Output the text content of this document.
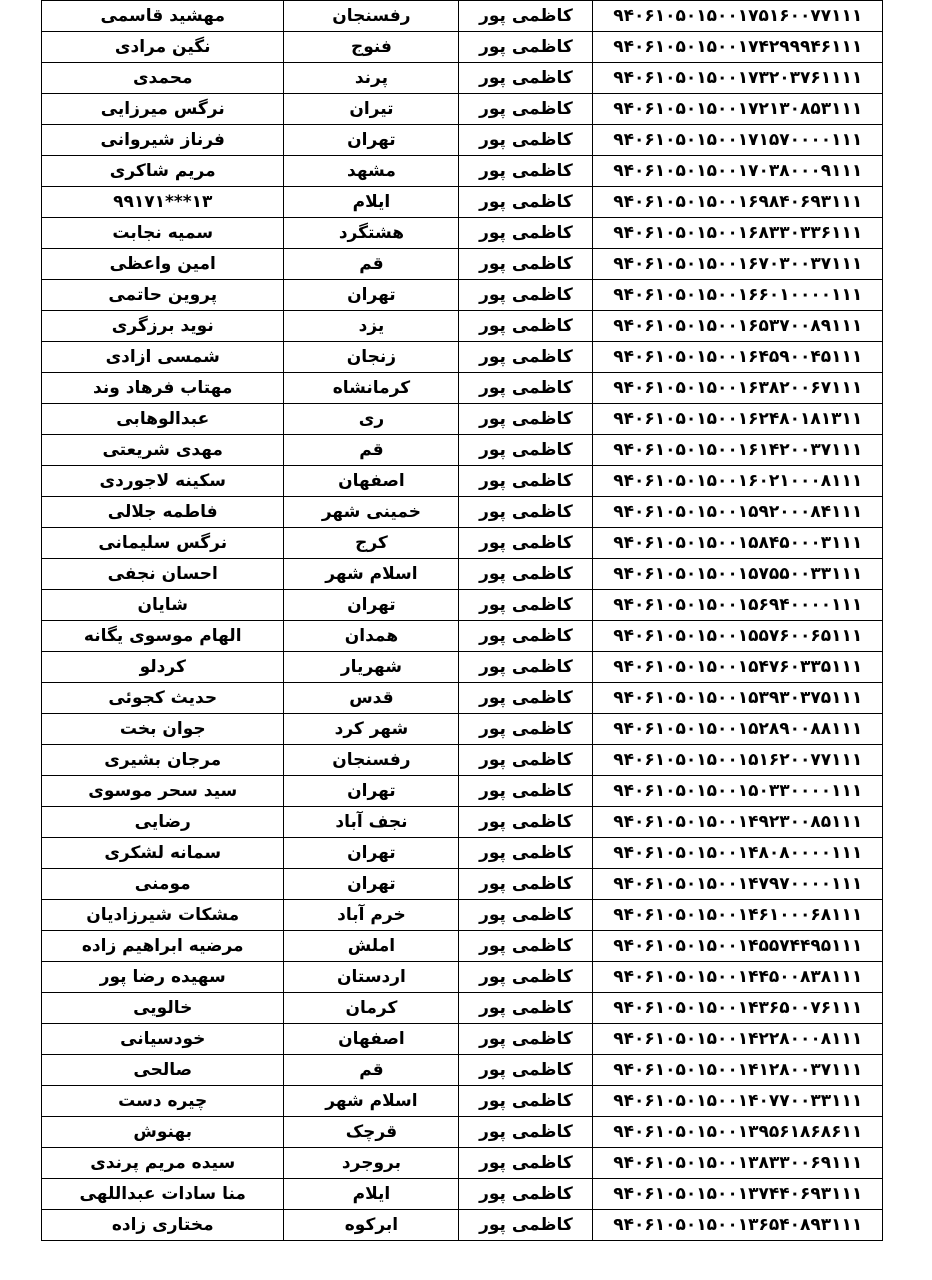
مهشید قاسمی	رفسنجان	کاظمی پور	۹۴۰۶۱۰۵۰۱۵۰۰۱۷۵۱۶۰۰۷۷۱۱۱
نگین مرادی	فنوج	کاظمی پور	۹۴۰۶۱۰۵۰۱۵۰۰۱۷۴۲۹۹۹۴۶۱۱۱
محمدی	پرند	کاظمی پور	۹۴۰۶۱۰۵۰۱۵۰۰۱۷۳۲۰۳۷۶۱۱۱۱
نرگس میرزایی	تیران	کاظمی پور	۹۴۰۶۱۰۵۰۱۵۰۰۱۷۲۱۳۰۸۵۳۱۱۱
فرناز شیروانی	تهران	کاظمی پور	۹۴۰۶۱۰۵۰۱۵۰۰۱۷۱۵۷۰۰۰۰۱۱۱
مریم شاکری	مشهد	کاظمی پور	۹۴۰۶۱۰۵۰۱۵۰۰۱۷۰۳۸۰۰۰۹۱۱۱
۱۳***۹۹۱۷۱	ایلام	کاظمی پور	۹۴۰۶۱۰۵۰۱۵۰۰۱۶۹۸۴۰۶۹۳۱۱۱
سمیه نجابت	هشتگرد	کاظمی پور	۹۴۰۶۱۰۵۰۱۵۰۰۱۶۸۳۳۰۳۳۶۱۱۱
امین واعظی	قم	کاظمی پور	۹۴۰۶۱۰۵۰۱۵۰۰۱۶۷۰۳۰۰۳۷۱۱۱
پروین حاتمی	تهران	کاظمی پور	۹۴۰۶۱۰۵۰۱۵۰۰۱۶۶۰۱۰۰۰۰۱۱۱
نوید برزگری	یزد	کاظمی پور	۹۴۰۶۱۰۵۰۱۵۰۰۱۶۵۳۷۰۰۸۹۱۱۱
شمسی ازادی	زنجان	کاظمی پور	۹۴۰۶۱۰۵۰۱۵۰۰۱۶۴۵۹۰۰۴۵۱۱۱
مهتاب فرهاد وند	کرمانشاه	کاظمی پور	۹۴۰۶۱۰۵۰۱۵۰۰۱۶۳۸۲۰۰۶۷۱۱۱
عبدالوهابی	ری	کاظمی پور	۹۴۰۶۱۰۵۰۱۵۰۰۱۶۲۴۸۰۱۸۱۳۱۱
مهدی شریعتی	قم	کاظمی پور	۹۴۰۶۱۰۵۰۱۵۰۰۱۶۱۴۲۰۰۳۷۱۱۱
سکینه لاجوردی	اصفهان	کاظمی پور	۹۴۰۶۱۰۵۰۱۵۰۰۱۶۰۲۱۰۰۰۸۱۱۱
فاطمه جلالی	خمینی شهر	کاظمی پور	۹۴۰۶۱۰۵۰۱۵۰۰۱۵۹۲۰۰۰۸۴۱۱۱
نرگس سلیمانی	کرج	کاظمی پور	۹۴۰۶۱۰۵۰۱۵۰۰۱۵۸۴۵۰۰۰۳۱۱۱
احسان نجفی	اسلام شهر	کاظمی پور	۹۴۰۶۱۰۵۰۱۵۰۰۱۵۷۵۵۰۰۳۳۱۱۱
شایان	تهران	کاظمی پور	۹۴۰۶۱۰۵۰۱۵۰۰۱۵۶۹۴۰۰۰۰۱۱۱
الهام موسوی یگانه	همدان	کاظمی پور	۹۴۰۶۱۰۵۰۱۵۰۰۱۵۵۷۶۰۰۶۵۱۱۱
کردلو	شهریار	کاظمی پور	۹۴۰۶۱۰۵۰۱۵۰۰۱۵۴۷۶۰۳۳۵۱۱۱
حدیث کجوئی	قدس	کاظمی پور	۹۴۰۶۱۰۵۰۱۵۰۰۱۵۳۹۳۰۳۷۵۱۱۱
جوان بخت	شهر کرد	کاظمی پور	۹۴۰۶۱۰۵۰۱۵۰۰۱۵۲۸۹۰۰۸۸۱۱۱
مرجان بشیری	رفسنجان	کاظمی پور	۹۴۰۶۱۰۵۰۱۵۰۰۱۵۱۶۲۰۰۷۷۱۱۱
سید سحر موسوی	تهران	کاظمی پور	۹۴۰۶۱۰۵۰۱۵۰۰۱۵۰۳۳۰۰۰۰۱۱۱
رضایی	نجف آباد	کاظمی پور	۹۴۰۶۱۰۵۰۱۵۰۰۱۴۹۲۳۰۰۸۵۱۱۱
سمانه لشکری	تهران	کاظمی پور	۹۴۰۶۱۰۵۰۱۵۰۰۱۴۸۰۸۰۰۰۰۱۱۱
مومنی	تهران	کاظمی پور	۹۴۰۶۱۰۵۰۱۵۰۰۱۴۷۹۷۰۰۰۰۱۱۱
مشکات شیرزادیان	خرم آباد	کاظمی پور	۹۴۰۶۱۰۵۰۱۵۰۰۱۴۶۱۰۰۰۶۸۱۱۱
مرضیه ابراهیم زاده	املش	کاظمی پور	۹۴۰۶۱۰۵۰۱۵۰۰۱۴۵۵۷۴۴۹۵۱۱۱
سهیده رضا پور	اردستان	کاظمی پور	۹۴۰۶۱۰۵۰۱۵۰۰۱۴۴۵۰۰۸۳۸۱۱۱
خالویی	کرمان	کاظمی پور	۹۴۰۶۱۰۵۰۱۵۰۰۱۴۳۶۵۰۰۷۶۱۱۱
خودسیانی	اصفهان	کاظمی پور	۹۴۰۶۱۰۵۰۱۵۰۰۱۴۲۲۸۰۰۰۸۱۱۱
صالحی	قم	کاظمی پور	۹۴۰۶۱۰۵۰۱۵۰۰۱۴۱۲۸۰۰۳۷۱۱۱
چیره دست	اسلام شهر	کاظمی پور	۹۴۰۶۱۰۵۰۱۵۰۰۱۴۰۷۷۰۰۳۳۱۱۱
بهنوش	قرچک	کاظمی پور	۹۴۰۶۱۰۵۰۱۵۰۰۱۳۹۵۶۱۸۶۸۶۱۱
سیده مریم پرندی	بروجرد	کاظمی پور	۹۴۰۶۱۰۵۰۱۵۰۰۱۳۸۳۳۰۰۶۹۱۱۱
منا سادات عبداللهی	ایلام	کاظمی پور	۹۴۰۶۱۰۵۰۱۵۰۰۱۳۷۴۴۰۶۹۳۱۱۱
مختاری زاده	ابرکوه	کاظمی پور	۹۴۰۶۱۰۵۰۱۵۰۰۱۳۶۵۴۰۸۹۳۱۱۱
